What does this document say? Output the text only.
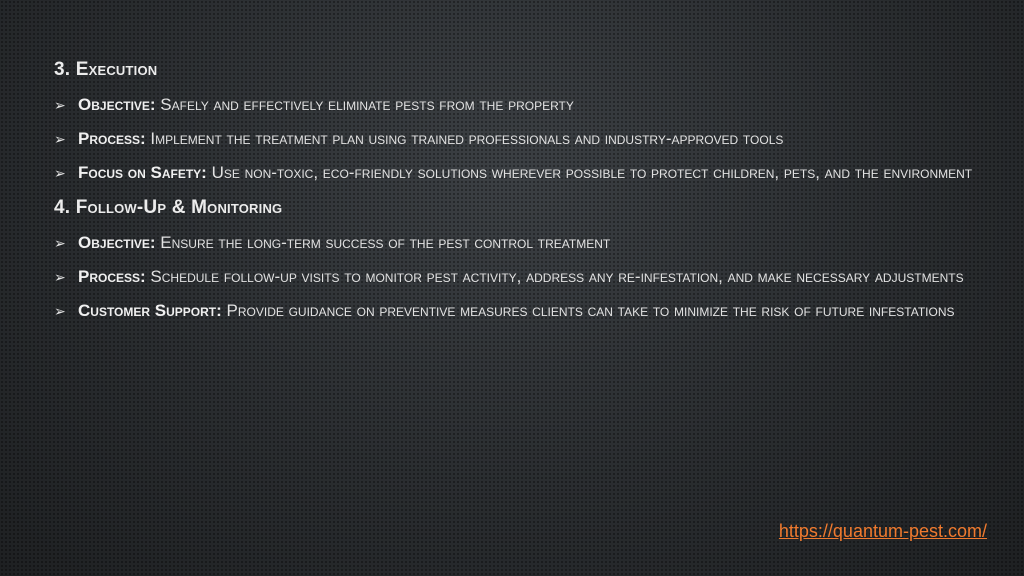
3. Execution
➢ Objective: Safely and effectively eliminate pests from the property
➢ Process: Implement the treatment plan using trained professionals and industry-approved tools
➢ Focus on Safety: Use non-toxic, eco-friendly solutions wherever possible to protect children, pets, and the environment
4. Follow-Up & Monitoring
➢ Objective: Ensure the long-term success of the pest control treatment
➢ Process: Schedule follow-up visits to monitor pest activity, address any re-infestation, and make necessary adjustments
➢ Customer Support: Provide guidance on preventive measures clients can take to minimize the risk of future infestations
https://quantum-pest.com/
